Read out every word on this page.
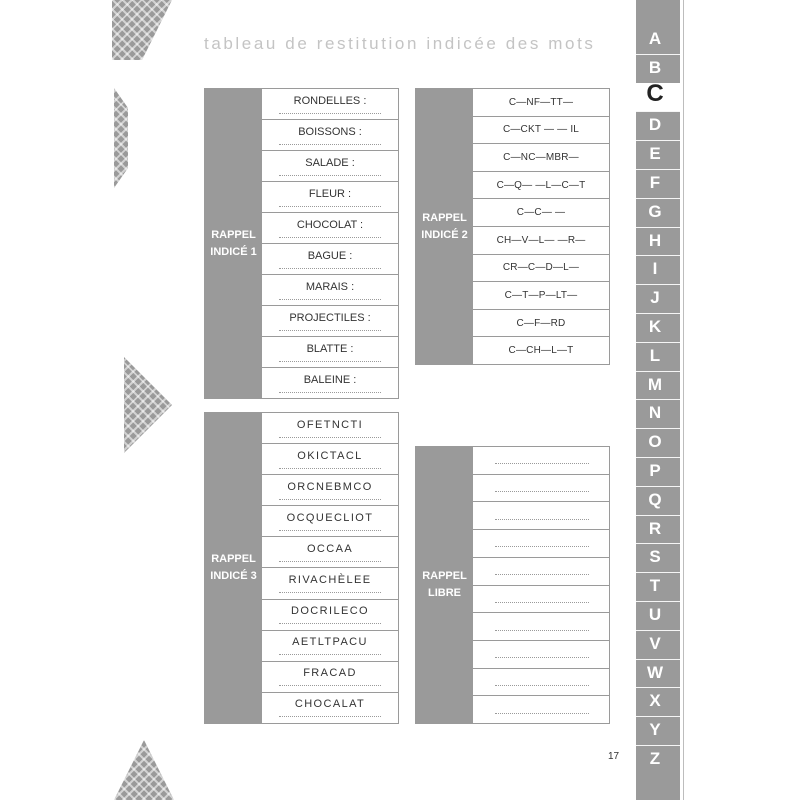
tableau de restitution indicée des mots
RAPPEL
INDICÉ 1
RONDELLES :
BOISSONS :
SALADE :
FLEUR :
CHOCOLAT :
BAGUE :
MARAIS :
PROJECTILES :
BLATTE :
BALEINE :
RAPPEL
INDICÉ 2
C—NF—TT—
C—CKT — — IL
C—NC—MBR—
C—Q— —L—C—T
C—C— —
CH—V—L— —R—
CR—C—D—L—
C—T—P—LT—
C—F—RD
C—CH—L—T
RAPPEL
INDICÉ 3
OFETNCTI
OKICTACL
ORCNEBMCO
OCQUECLIOT
OCCAA
RIVACHÈLEE
DOCRILECO
AETLTPACU
FRACAD
CHOCALAT
RAPPEL
LIBRE
A
B
D
E
F
G
H
I
J
K
L
M
N
O
P
Q
R
S
T
U
V
W
X
Y
Z
17
C
